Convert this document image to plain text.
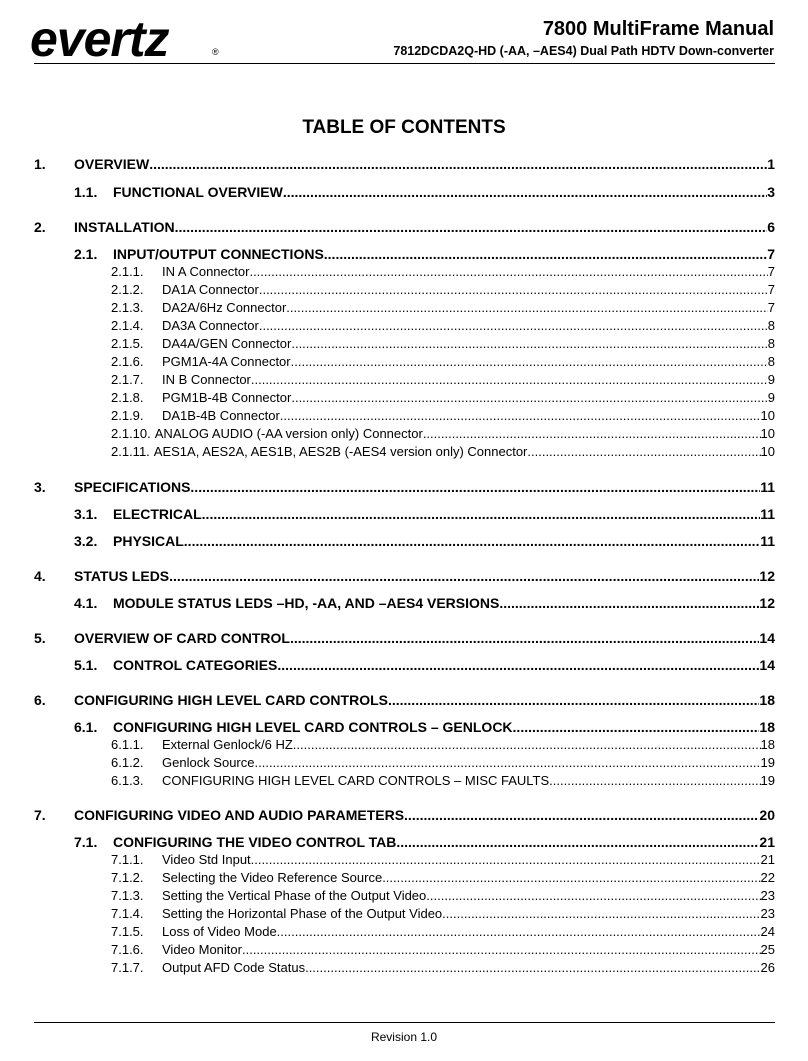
evertz	®
7800 MultiFrame Manual
7812DCDA2Q-HD (-AA, –AES4) Dual Path HDTV Down-converter
TABLE OF CONTENTS
1. OVERVIEW .....	1
1.1. FUNCTIONAL OVERVIEW .....	3
2. INSTALLATION .....	6
2.1. INPUT/OUTPUT CONNECTIONS .....	7
2.1.1. IN A Connector .....	7
2.1.2. DA1A Connector .....	7
2.1.3. DA2A/6Hz Connector .....	7
2.1.4. DA3A Connector .....	8
2.1.5. DA4A/GEN Connector .....	8
2.1.6. PGM1A-4A Connector .....	8
2.1.7. IN B Connector .....	9
2.1.8. PGM1B-4B Connector .....	9
2.1.9. DA1B-4B Connector .....	10
2.1.10. ANALOG AUDIO (-AA version only) Connector .....	10
2.1.11. AES1A, AES2A, AES1B, AES2B (-AES4 version only) Connector .....	10
3. SPECIFICATIONS .....	11
3.1. ELECTRICAL .....	11
3.2. PHYSICAL .....	11
4. STATUS LEDS .....	12
4.1. MODULE STATUS LEDS –HD, -AA, AND –AES4 VERSIONS .....	12
5. OVERVIEW OF CARD CONTROL .....	14
5.1. CONTROL CATEGORIES .....	14
6. CONFIGURING HIGH LEVEL CARD CONTROLS .....	18
6.1. CONFIGURING HIGH LEVEL CARD CONTROLS – GENLOCK .....	18
6.1.1. External Genlock/6 HZ .....	18
6.1.2. Genlock Source .....	19
6.1.3. CONFIGURING HIGH LEVEL CARD CONTROLS – MISC FAULTS .....	19
7. CONFIGURING VIDEO AND AUDIO PARAMETERS .....	20
7.1. CONFIGURING THE VIDEO CONTROL TAB .....	21
7.1.1. Video Std Input .....	21
7.1.2. Selecting the Video Reference Source .....	22
7.1.3. Setting the Vertical Phase of the Output Video .....	23
7.1.4. Setting the Horizontal Phase of the Output Video .....	23
7.1.5. Loss of Video Mode .....	24
7.1.6. Video Monitor .....	25
7.1.7. Output AFD Code Status .....	26
Revision 1.0
